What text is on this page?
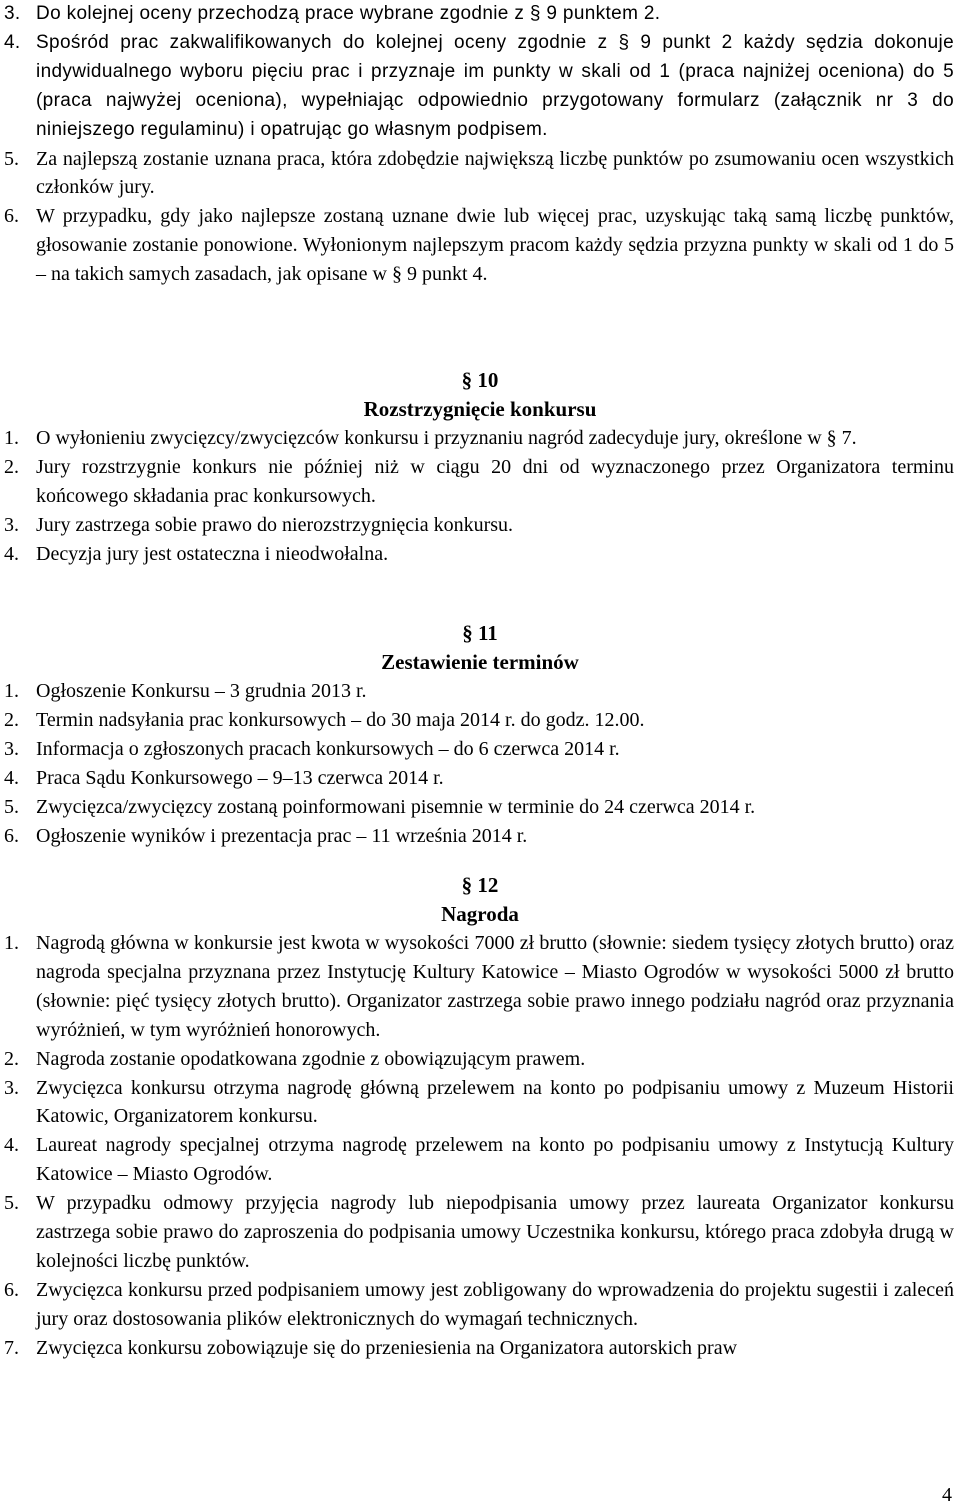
3. Do kolejnej oceny przechodzą prace wybrane zgodnie z § 9 punktem 2.
4. Spośród prac zakwalifikowanych do kolejnej oceny zgodnie z § 9 punkt 2 każdy sędzia dokonuje indywidualnego wyboru pięciu prac i przyznaje im punkty w skali od 1 (praca najniżej oceniona) do 5 (praca najwyżej oceniona), wypełniając odpowiednio przygotowany formularz (załącznik nr 3 do niniejszego regulaminu) i opatrując go własnym podpisem.
5. Za najlepszą zostanie uznana praca, która zdobędzie największą liczbę punktów po zsumowaniu ocen wszystkich członków jury.
6. W przypadku, gdy jako najlepsze zostaną uznane dwie lub więcej prac, uzyskując taką samą liczbę punktów, głosowanie zostanie ponowione. Wyłonionym najlepszym pracom każdy sędzia przyzna punkty w skali od 1 do 5 – na takich samych zasadach, jak opisane w § 9 punkt 4.
§ 10
Rozstrzygnięcie konkursu
1. O wyłonieniu zwycięzcy/zwycięzców konkursu i przyznaniu nagród zadecyduje jury, określone w § 7.
2. Jury rozstrzygnie konkurs nie później niż w ciągu 20 dni od wyznaczonego przez Organizatora terminu końcowego składania prac konkursowych.
3. Jury zastrzega sobie prawo do nierozstrzygnięcia konkursu.
4. Decyzja jury jest ostateczna i nieodwołalna.
§ 11
Zestawienie terminów
1. Ogłoszenie Konkursu – 3 grudnia 2013 r.
2. Termin nadsyłania prac konkursowych – do 30 maja 2014 r. do godz. 12.00.
3. Informacja o zgłoszonych pracach konkursowych – do 6 czerwca 2014 r.
4. Praca Sądu Konkursowego – 9–13 czerwca 2014 r.
5. Zwycięzca/zwycięzcy zostaną poinformowani pisemnie w terminie do 24 czerwca 2014 r.
6. Ogłoszenie wyników i prezentacja prac – 11 września 2014 r.
§ 12
Nagroda
1. Nagrodą główna w konkursie jest kwota w wysokości 7000 zł brutto (słownie: siedem tysięcy złotych brutto) oraz nagroda specjalna przyznana przez Instytucję Kultury Katowice – Miasto Ogrodów w wysokości 5000 zł brutto (słownie: pięć tysięcy złotych brutto). Organizator zastrzega sobie prawo innego podziału nagród oraz przyznania wyróżnień, w tym wyróżnień honorowych.
2. Nagroda zostanie opodatkowana zgodnie z obowiązującym prawem.
3. Zwycięzca konkursu otrzyma nagrodę główną przelewem na konto po podpisaniu umowy z Muzeum Historii Katowic, Organizatorem konkursu.
4. Laureat nagrody specjalnej otrzyma nagrodę przelewem na konto po podpisaniu umowy z Instytucją Kultury Katowice – Miasto Ogrodów.
5. W przypadku odmowy przyjęcia nagrody lub niepodpisania umowy przez laureata Organizator konkursu zastrzega sobie prawo do zaproszenia do podpisania umowy Uczestnika konkursu, którego praca zdobyła drugą w kolejności liczbę punktów.
6. Zwycięzca konkursu przed podpisaniem umowy jest zobligowany do wprowadzenia do projektu sugestii i zaleceń jury oraz dostosowania plików elektronicznych do wymagań technicznych.
7. Zwycięzca konkursu zobowiązuje się do przeniesienia na Organizatora autorskich praw
4
